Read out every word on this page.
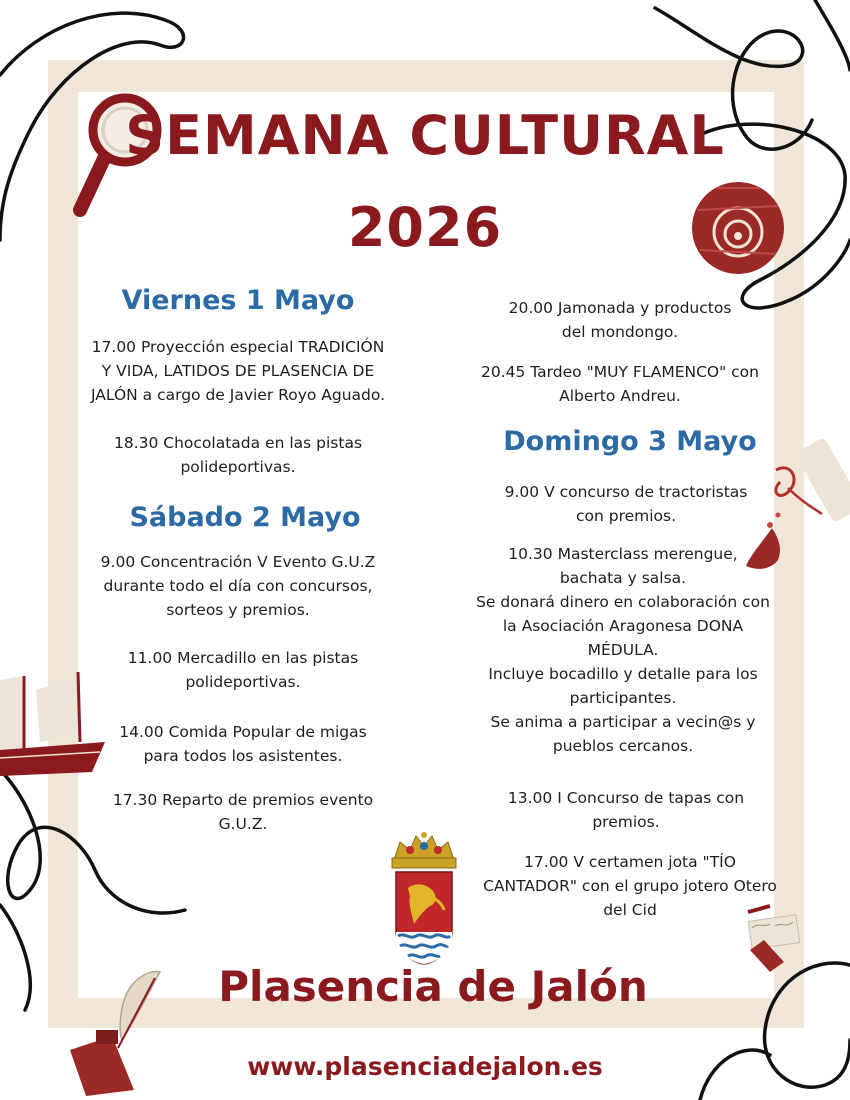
SEMANA CULTURAL
2026
Viernes 1 Mayo
17.00 Proyección especial TRADICIÓN
Y VIDA, LATIDOS DE PLASENCIA DE
JALÓN a cargo de Javier Royo Aguado.
18.30 Chocolatada en las pistas
polideportivas.
Sábado 2 Mayo
9.00 Concentración V Evento G.U.Z
durante todo el día con concursos,
sorteos y premios.
11.00 Mercadillo en las pistas
polideportivas.
14.00 Comida Popular de migas
para todos los asistentes.
17.30 Reparto de premios evento
G.U.Z.
20.00 Jamonada y productos
del mondongo.
20.45 Tardeo "MUY FLAMENCO" con
Alberto Andreu.
Domingo 3 Mayo
9.00 V concurso de tractoristas
con premios.
10.30 Masterclass merengue,
bachata y salsa.
Se donará dinero en colaboración con
la Asociación Aragonesa DONA
MÉDULA.
Incluye bocadillo y detalle para los
participantes.
Se anima a participar a vecin@s y
pueblos cercanos.
13.00 I Concurso de tapas con
premios.
17.00 V certamen jota "TÍO
CANTADOR" con el grupo jotero Otero
del Cid
Plasencia de Jalón
www.plasenciadejalon.es
